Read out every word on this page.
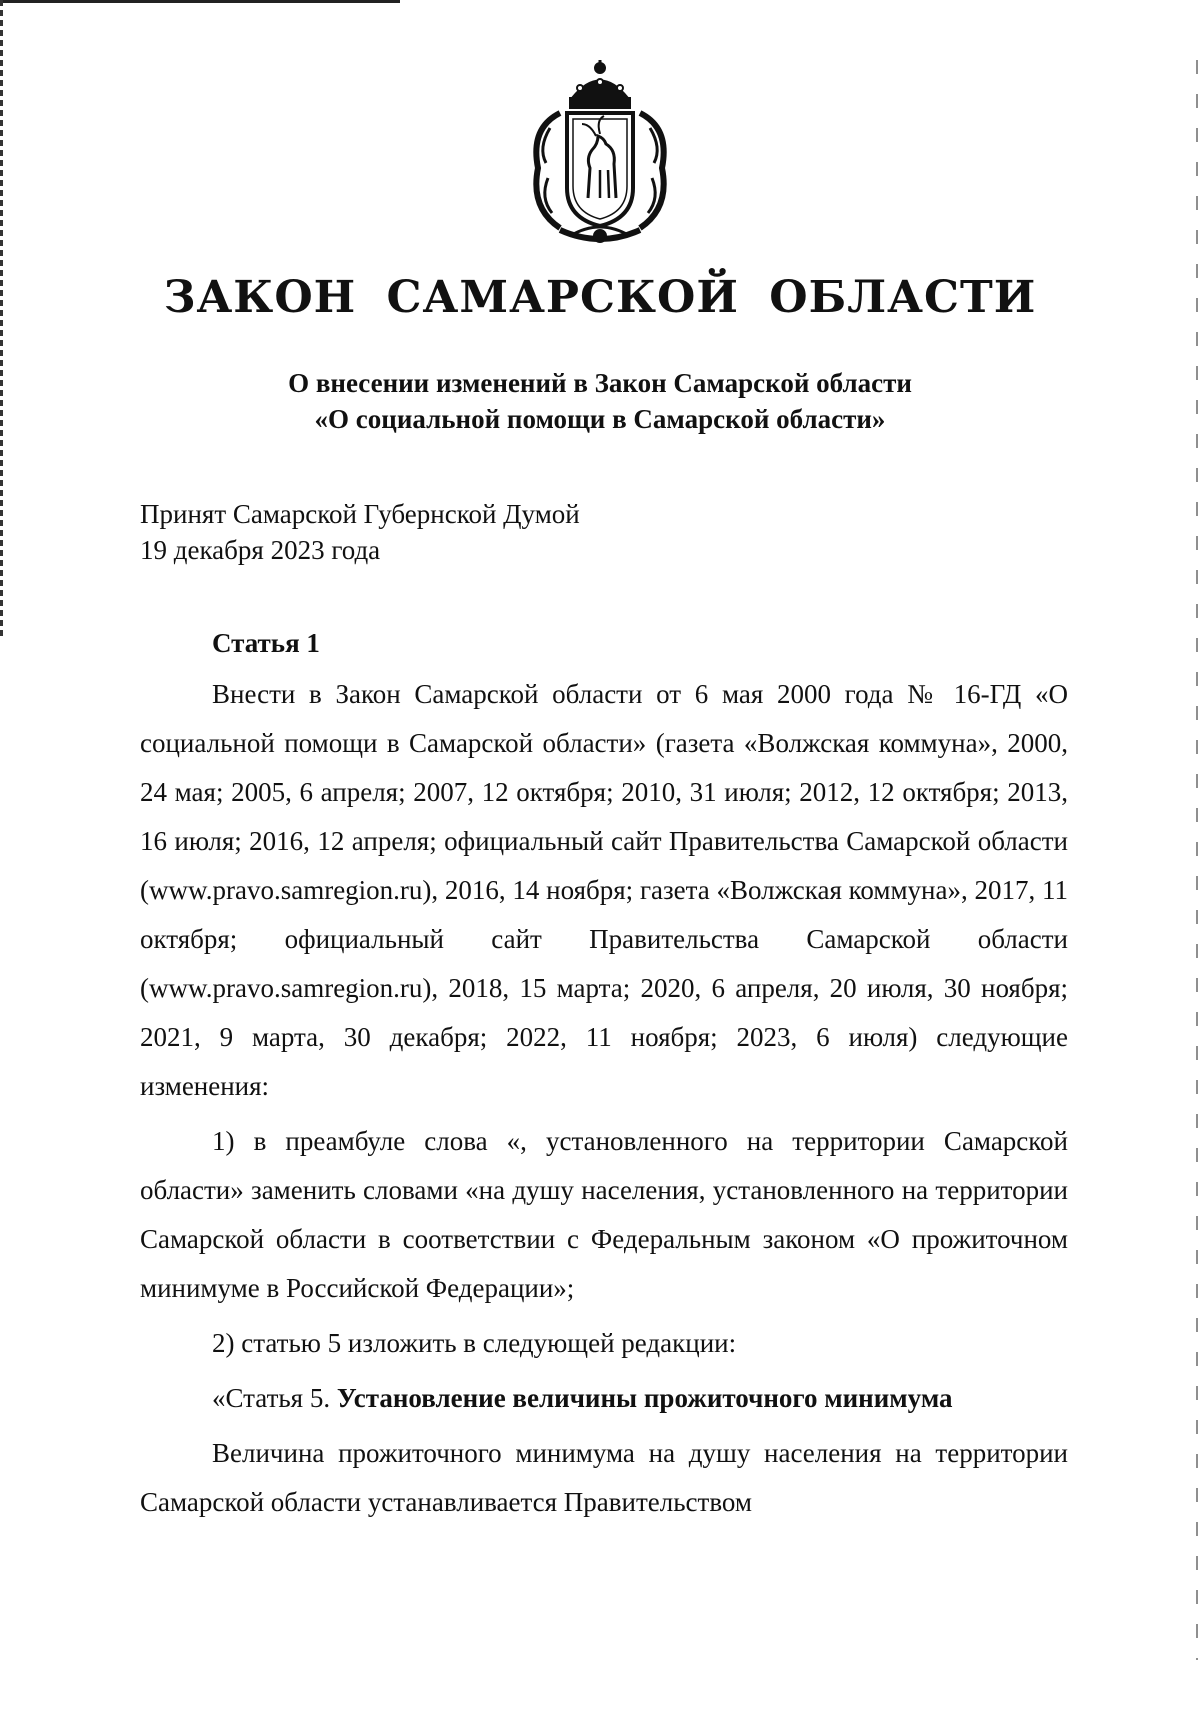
ЗАКОН САМАРСКОЙ ОБЛАСТИ
О внесении изменений в Закон Самарской области
«О социальной помощи в Самарской области»
Принят Самарской Губернской Думой
19 декабря 2023 года
Статья 1

Внести в Закон Самарской области от 6 мая 2000 года № 16-ГД «О социальной помощи в Самарской области» (газета «Волжская коммуна», 2000, 24 мая; 2005, 6 апреля; 2007, 12 октября; 2010, 31 июля; 2012, 12 октября; 2013, 16 июля; 2016, 12 апреля; официальный сайт Правительства Самарской области (www.pravo.samregion.ru), 2016, 14 ноября; газета «Волжская коммуна», 2017, 11 октября; официальный сайт Правительства Самарской области (www.pravo.samregion.ru), 2018, 15 марта; 2020, 6 апреля, 20 июля, 30 ноября; 2021, 9 марта, 30 декабря; 2022, 11 ноября; 2023, 6 июля) следующие изменения:

1) в преамбуле слова «, установленного на территории Самарской области» заменить словами «на душу населения, установленного на территории Самарской области в соответствии с Федеральным законом «О прожиточном минимуме в Российской Федерации»;

2) статью 5 изложить в следующей редакции:

«Статья 5. Установление величины прожиточного минимума

Величина прожиточного минимума на душу населения на территории Самарской области устанавливается Правительством
